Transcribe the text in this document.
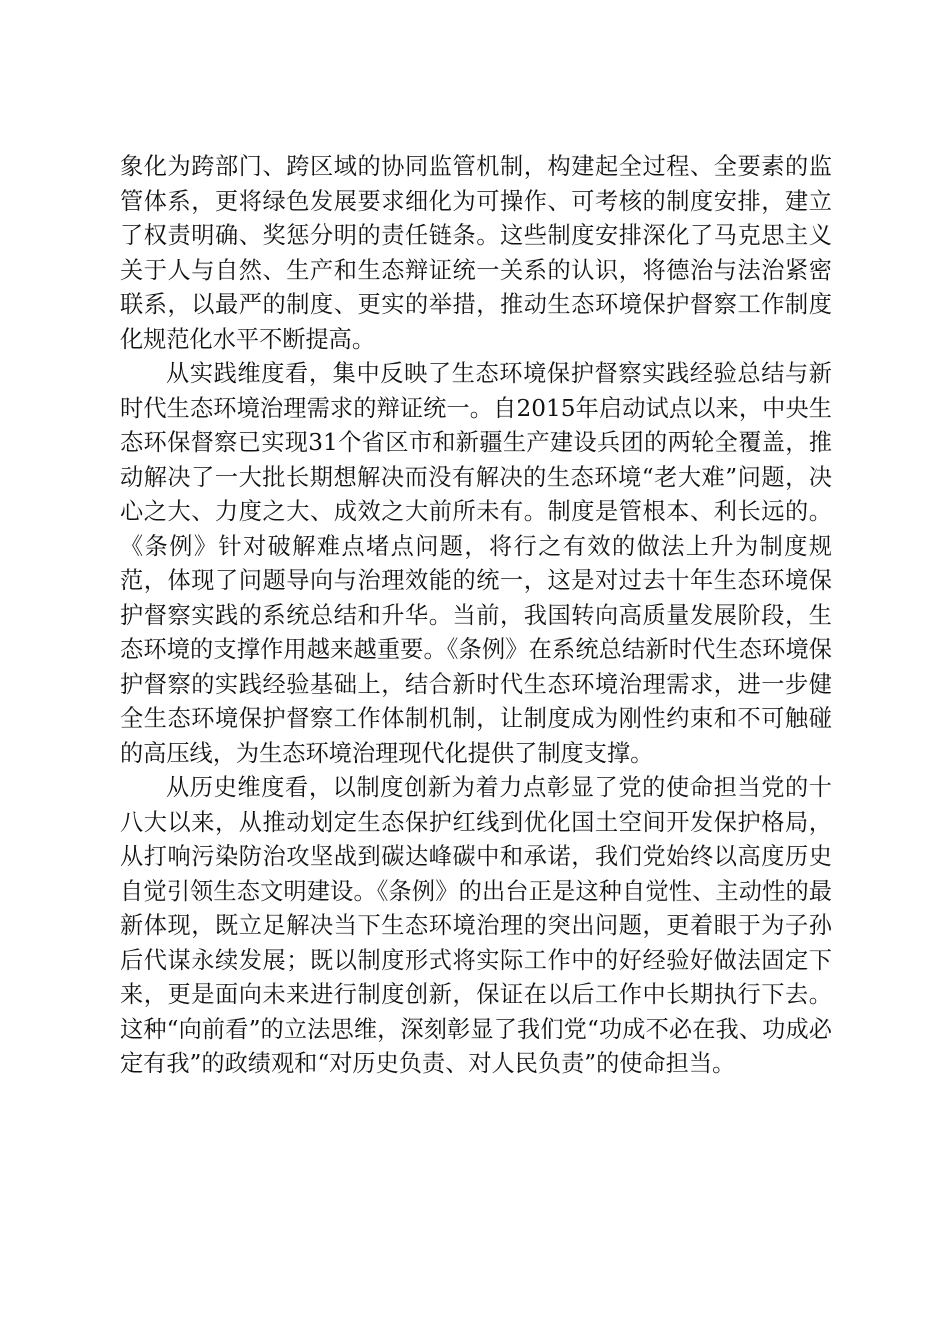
象化为跨部门、跨区域的协同监管机制，构建起全过程、全要素的监管体系，更将绿色发展要求细化为可操作、可考核的制度安排，建立了权责明确、奖惩分明的责任链条。这些制度安排深化了马克思主义关于人与自然、生产和生态辩证统一关系的认识，将德治与法治紧密联系，以最严的制度、更实的举措，推动生态环境保护督察工作制度化规范化水平不断提高。

从实践维度看，集中反映了生态环境保护督察实践经验总结与新时代生态环境治理需求的辩证统一。自2015年启动试点以来，中央生态环保督察已实现31个省区市和新疆生产建设兵团的两轮全覆盖，推动解决了一大批长期想解决而没有解决的生态环境“老大难”问题，决心之大、力度之大、成效之大前所未有。制度是管根本、利长远的。《条例》针对破解难点堵点问题，将行之有效的做法上升为制度规范，体现了问题导向与治理效能的统一，这是对过去十年生态环境保护督察实践的系统总结和升华。当前，我国转向高质量发展阶段，生态环境的支撑作用越来越重要。《条例》在系统总结新时代生态环境保护督察的实践经验基础上，结合新时代生态环境治理需求，进一步健全生态环境保护督察工作体制机制，让制度成为刚性约束和不可触碰的高压线，为生态环境治理现代化提供了制度支撑。

从历史维度看，以制度创新为着力点彰显了党的使命担当党的十八大以来，从推动划定生态保护红线到优化国土空间开发保护格局，从打响污染防治攻坚战到碳达峰碳中和承诺，我们党始终以高度历史自觉引领生态文明建设。《条例》的出台正是这种自觉性、主动性的最新体现，既立足解决当下生态环境治理的突出问题，更着眼于为子孙后代谋永续发展；既以制度形式将实际工作中的好经验好做法固定下来，更是面向未来进行制度创新，保证在以后工作中长期执行下去。这种“向前看”的立法思维，深刻彰显了我们党“功成不必在我、功成必定有我”的政绩观和“对历史负责、对人民负责”的使命担当。
